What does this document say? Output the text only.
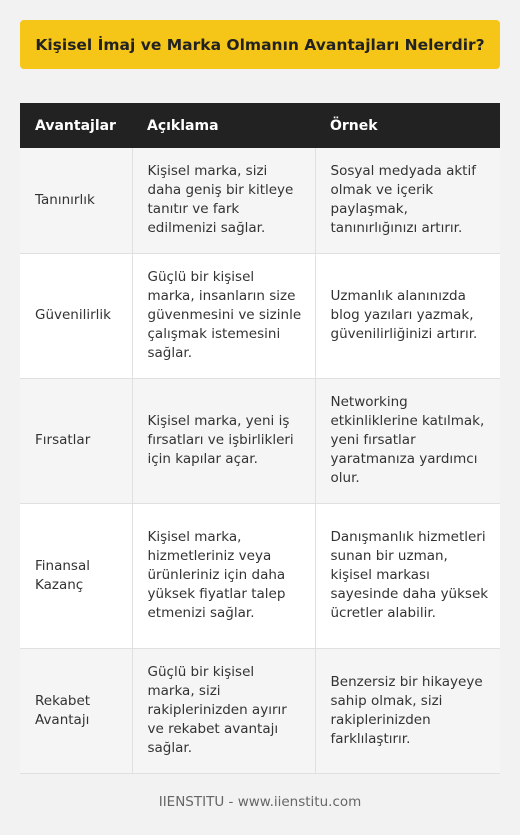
Kişisel İmaj ve Marka Olmanın Avantajları Nelerdir?
Avantajlar	Açıklama	Örnek
Tanınırlık	Kişisel marka, sizi daha geniş bir kitleye tanıtır ve fark edilmenizi sağlar.	Sosyal medyada aktif olmak ve içerik paylaşmak, tanınırlığınızı artırır.
Güvenilirlik	Güçlü bir kişisel marka, insanların size güvenmesini ve sizinle çalışmak istemesini sağlar.	Uzmanlık alanınızda blog yazıları yazmak, güvenilirliğinizi artırır.
Fırsatlar	Kişisel marka, yeni iş fırsatları ve işbirlikleri için kapılar açar.	Networking etkinliklerine katılmak, yeni fırsatlar yaratmanıza yardımcı olur.
Finansal Kazanç	Kişisel marka, hizmetleriniz veya ürünleriniz için daha yüksek fiyatlar talep etmenizi sağlar.	Danışmanlık hizmetleri sunan bir uzman, kişisel markası sayesinde daha yüksek ücretler alabilir.
Rekabet Avantajı	Güçlü bir kişisel marka, sizi rakiplerinizden ayırır ve rekabet avantajı sağlar.	Benzersiz bir hikayeye sahip olmak, sizi rakiplerinizden farklılaştırır.
IIENSTITU - www.iienstitu.com
